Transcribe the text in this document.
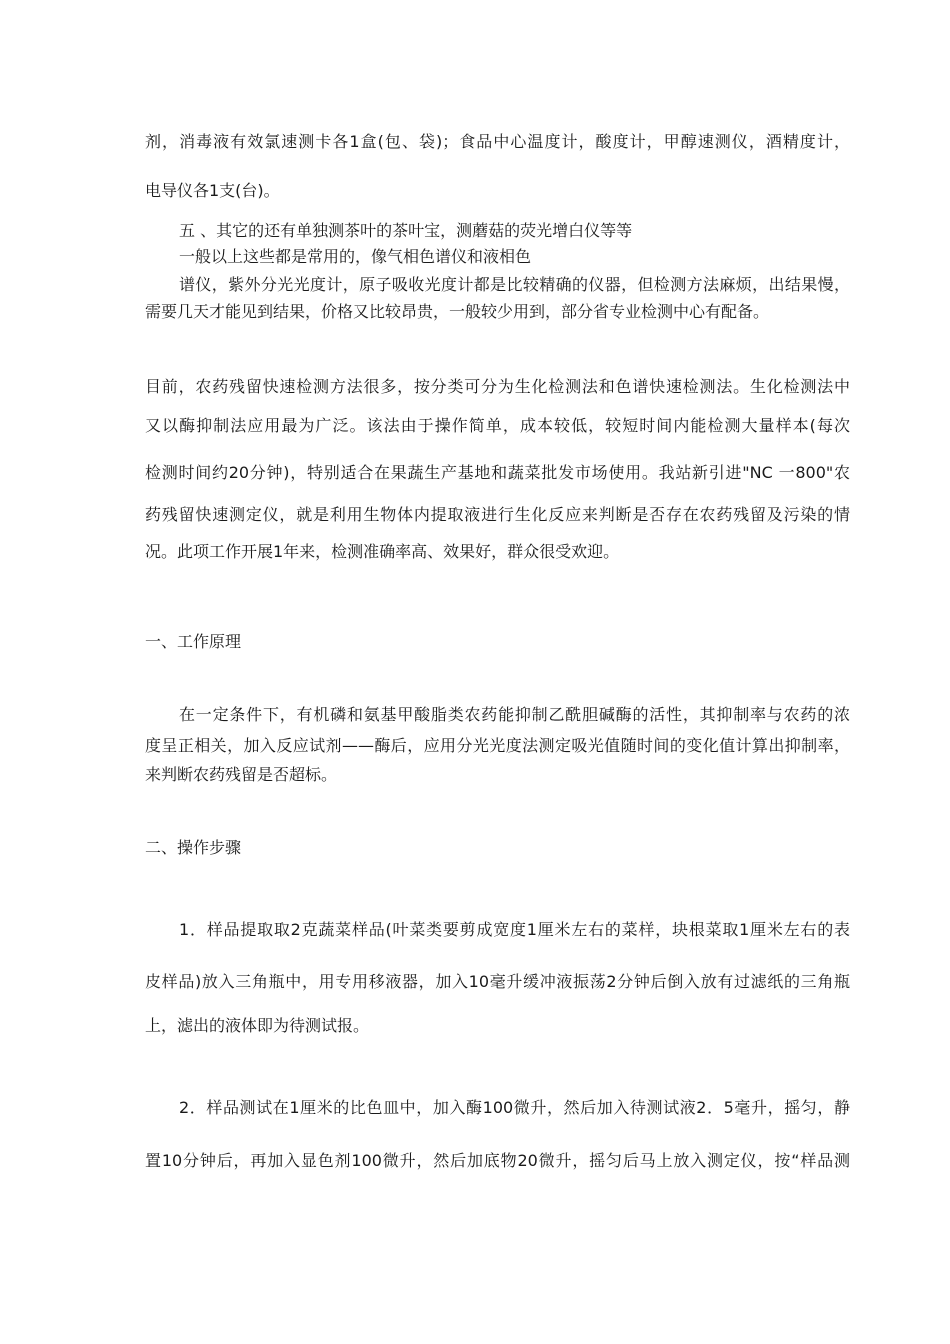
剂，消毒液有效氯速测卡各1盒(包、袋)；食品中心温度计，酸度计，甲醇速测仪，酒精度计，
电导仪各1支(台)。
五 、其它的还有单独测茶叶的茶叶宝，测蘑菇的荧光增白仪等等
一般以上这些都是常用的，像气相色谱仪和液相色
谱仪，紫外分光光度计，原子吸收光度计都是比较精确的仪器，但检测方法麻烦，出结果慢，
需要几天才能见到结果，价格又比较昂贵，一般较少用到，部分省专业检测中心有配备。
目前，农药残留快速检测方法很多，按分类可分为生化检测法和色谱快速检测法。生化检测法中
又以酶抑制法应用最为广泛。该法由于操作简单，成本较低，较短时间内能检测大量样本(每次
检测时间约20分钟)，特别适合在果蔬生产基地和蔬菜批发市场使用。我站新引进"NC 一800"农
药残留快速测定仪，就是利用生物体内提取液进行生化反应来判断是否存在农药残留及污染的情
况。此项工作开展1年来，检测准确率高、效果好，群众很受欢迎。
一、工作原理
在一定条件下，有机磷和氨基甲酸脂类农药能抑制乙酰胆碱酶的活性，其抑制率与农药的浓
度呈正相关，加入反应试剂——酶后，应用分光光度法测定吸光值随时间的变化值计算出抑制率，
来判断农药残留是否超标。
二、操作步骤
1．样品提取取2克蔬菜样品(叶菜类要剪成宽度1厘米左右的菜样，块根菜取1厘米左右的表
皮样品)放入三角瓶中，用专用移液器，加入10毫升缓冲液振荡2分钟后倒入放有过滤纸的三角瓶
上，滤出的液体即为待测试报。
2．样品测试在1厘米的比色皿中，加入酶100微升，然后加入待测试液2．5毫升，摇匀，静
置10分钟后，再加入显色剂100微升，然后加底物20微升，摇匀后马上放入测定仪，按“样品测
